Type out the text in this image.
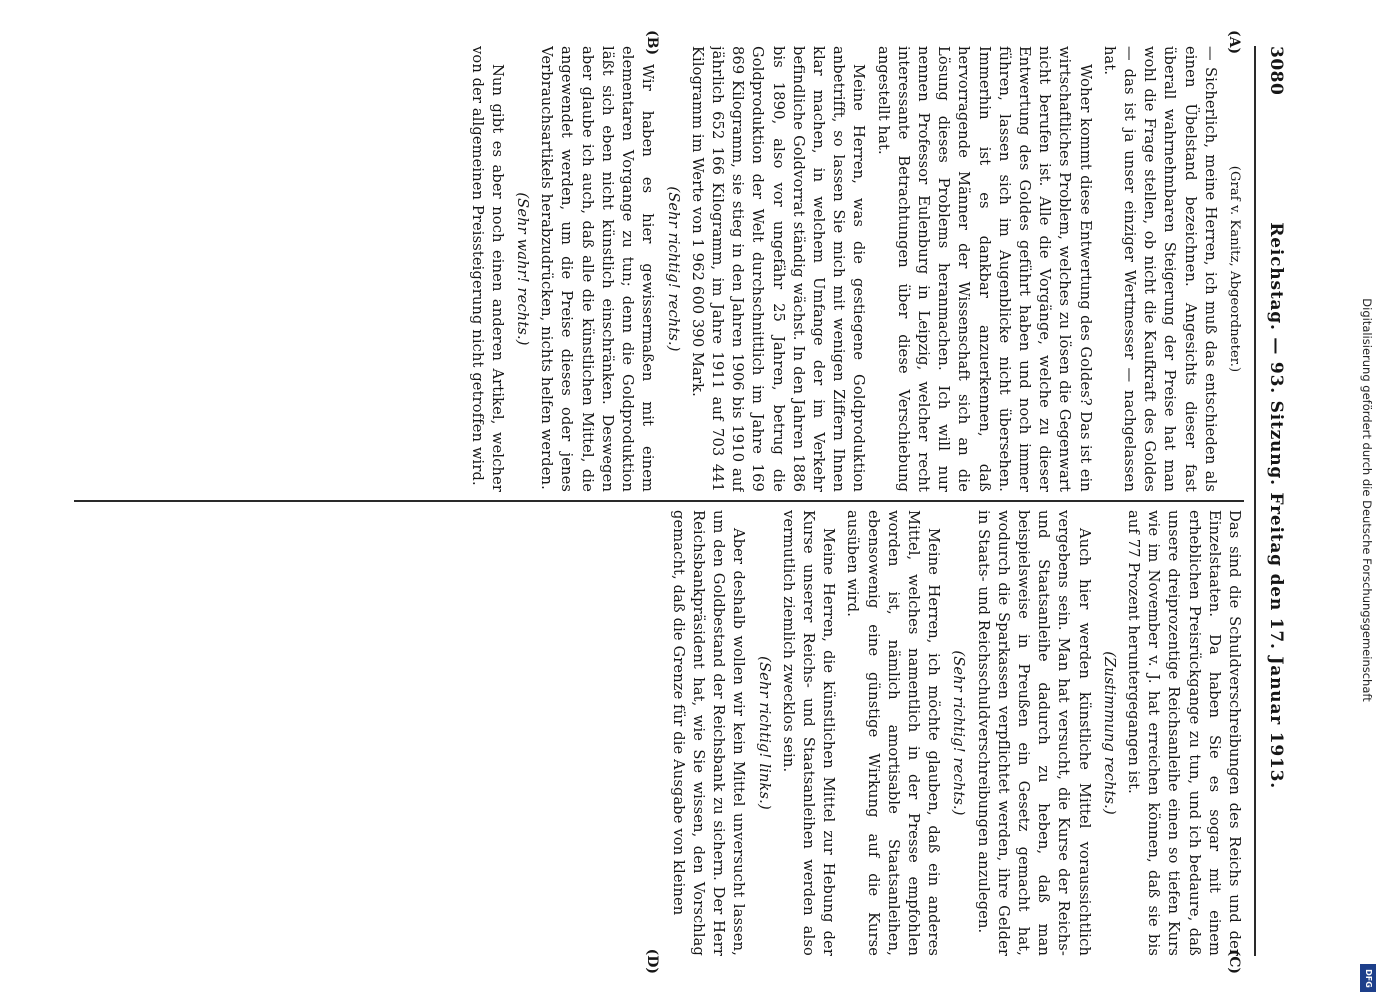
3080
Reichstag. — 93. Sitzung. Freitag den 17. Januar 1913.
(Graf v. Kanitz, Abgeordneter.)

— Sicherlich, meine Herren, ich muß das entschieden als einen Übelstand bezeichnen. Angesichts dieser fast überall wahrnehmbaren Steigerung der Preise hat man wohl die Frage stellen, ob nicht die Kaufkraft des Goldes — das ist ja unser einziger Wertmesser — nachgelassen hat.

Woher kommt diese Entwertung des Goldes? Das ist ein wirtschaftliches Problem, welches zu lösen die Gegenwart nicht berufen ist. Alle die Vorgänge, welche zu dieser Entwertung des Goldes geführt haben und noch immer führen, lassen sich im Augenblicke nicht übersehen. Immerhin ist es dankbar anzuerkennen, daß hervorragende Männer der Wissenschaft sich an die Lösung dieses Problems heranmachen. Ich will nur nennen Professor Eulenburg in Leipzig, welcher recht interessante Betrachtungen über diese Verschiebung angestellt hat.

Meine Herren, was die gestiegene Goldproduktion anbetrifft, so lassen Sie mich mit wenigen Ziffern Ihnen klar machen, in welchem Umfange der im Verkehr befindliche Goldvorrat ständig wächst. In den Jahren 1886 bis 1890, also vor ungefähr 25 Jahren, betrug die Goldproduktion der Welt durchschnittlich im Jahre 169 869 Kilogramm, sie stieg in den Jahren 1906 bis 1910 auf jährlich 652 166 Kilogramm, im Jahre 1911 auf 703 441 Kilogramm im Werte von 1 962 600 390 Mark.

(Sehr richtig! rechts.)

Wir haben es hier gewissermaßen mit einem elementaren Vorgange zu tun; denn die Goldproduktion läßt sich eben nicht künstlich einschränken. Deswegen aber glaube ich auch, daß alle die künstlichen Mittel, die angewendet werden, um die Preise dieses oder jenes Verbrauchsartikels herabzudrücken, nichts helfen werden.

(Sehr wahr! rechts.)

Nun gibt es aber noch einen anderen Artikel, welcher von der allgemeinen Preissteigerung nicht getroffen wird.

Das sind die Schuldverschreibungen des Reichs und der Einzelstaaten. Da haben Sie es sogar mit einem erheblichen Preisrückgange zu tun, und ich bedaure, daß unsere dreiprozentige Reichsanleihe einen so tiefen Kurs wie im November v. J. hat erreichen können, daß sie bis auf 77 Prozent heruntergegangen ist.

(Zustimmung rechts.)

Auch hier werden künstliche Mittel voraussichtlich vergebens sein. Man hat versucht, die Kurse der Reichs- und Staatsanleihe dadurch zu heben, daß man beispielsweise in Preußen ein Gesetz gemacht hat, wodurch die Sparkassen verpflichtet werden, ihre Gelder in Staats- und Reichsschuldverschreibungen anzulegen.

(Sehr richtig! rechts.)

Meine Herren, ich möchte glauben, daß ein anderes Mittel, welches namentlich in der Presse empfohlen worden ist, nämlich amortisable Staatsanleihen, ebensowenig eine günstige Wirkung auf die Kurse ausüben wird.

Meine Herren, die künstlichen Mittel zur Hebung der Kurse unserer Reichs- und Staatsanleihen werden also vermutlich ziemlich zwecklos sein.

(Sehr richtig! links.)

Aber deshalb wollen wir kein Mittel unversucht lassen, um den Goldbestand der Reichsbank zu sichern. Der Herr Reichsbankpräsident hat, wie Sie wissen, den Vorschlag gemacht, daß die Grenze für die Ausgabe von kleinen

(A)
(B)
(C)
(D)
Digitalisierung gefördert durch die Deutsche Forschungsgemeinschaft
DFG
